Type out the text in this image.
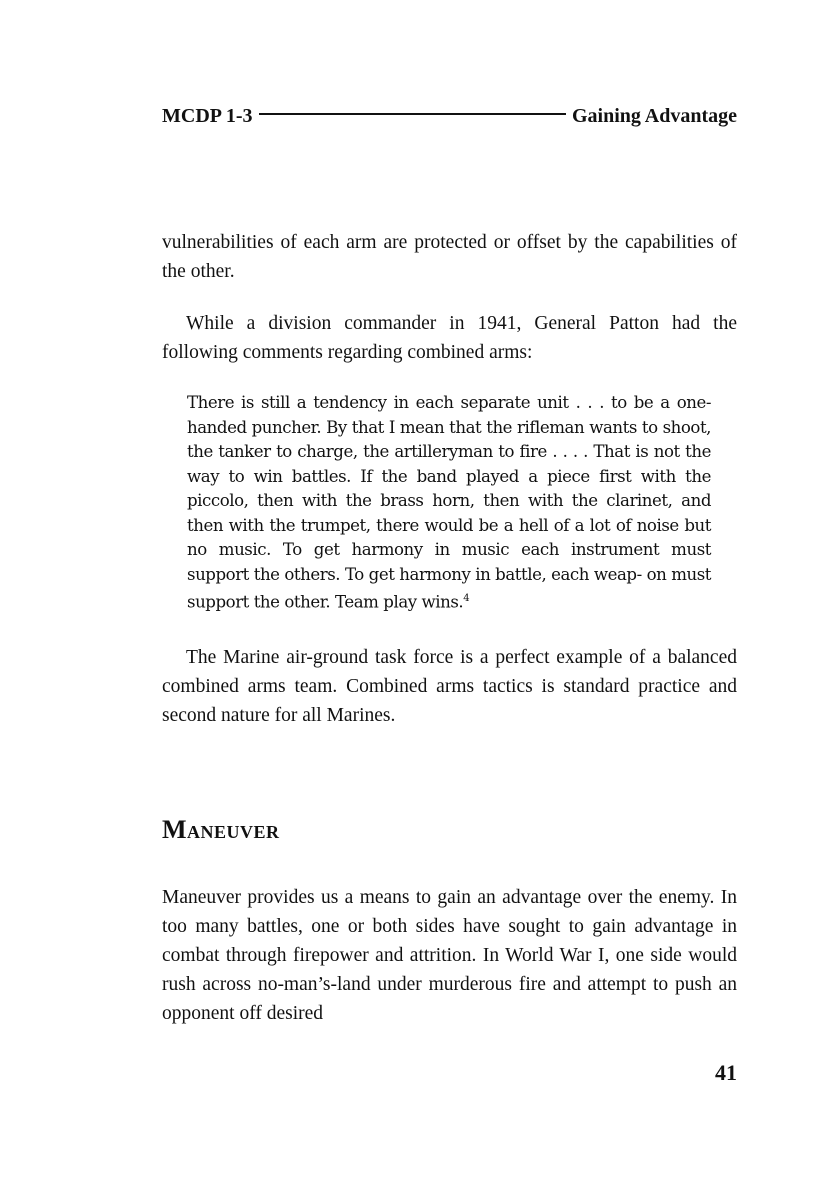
MCDP 1-3	Gaining Advantage

vulnerabilities of each arm are protected or offset by the capabilities of the other.

While a division commander in 1941, General Patton had the following comments regarding combined arms:

There is still a tendency in each separate unit . . . to be a one-handed puncher. By that I mean that the rifleman wants to shoot, the tanker to charge, the artilleryman to fire . . . . That is not the way to win battles. If the band played a piece first with the piccolo, then with the brass horn, then with the clarinet, and then with the trumpet, there would be a hell of a lot of noise but no music. To get harmony in music each instrument must support the others. To get harmony in battle, each weap- on must support the other. Team play wins.$^4$

The Marine air-ground task force is a perfect example of a balanced combined arms team. Combined arms tactics is standard practice and second nature for all Marines.

Maneuver

Maneuver provides us a means to gain an advantage over the enemy. In too many battles, one or both sides have sought to gain advantage in combat through firepower and attrition. In World War I, one side would rush across no-man’s-land under murderous fire and attempt to push an opponent off desired

41
